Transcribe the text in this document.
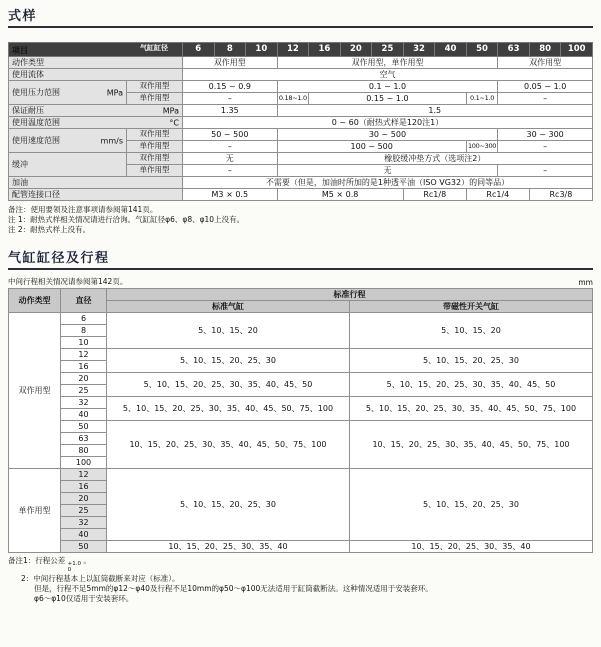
式样
气缸缸径
项目		6	8	10	12	16	20	25	32	40	50	63	80	100
动作类型		双作用型			双作用型，单作用型							双作用型		
使用流体		空气												
使用压力范围 MPa	双作用型	0.15 ~ 0.9			0.1 ~ 1.0							0.05 ~ 1.0		
	单作用型	–			0.18~1.0	0.15 ~ 1.0					0.1~1.0	–		
保证耐压 MPa		1.35			1.5									
使用温度范围 °C		0 ~ 60（耐热式样是120注1）												
使用速度范围 mm/s	双作用型	50 ~ 500			30 ~ 500							30 ~ 300		
	单作用型	–			100 ~ 500						100~300	–		
缓冲	双作用型	无			橡胶缓冲垫方式（选项注2）									
	单作用型	–			无							–		
加油		不需要（但是，加油时所加的是1种透平油（ISO VG32）的同等品）												
配管连接口径		M3 × 0.5			M5 × 0.8				Rc1/8		Rc1/4		Rc3/8	
备注：使用要领及注意事项请参阅第141页。
注 1：耐热式样相关情况请进行洽询。气缸缸径φ6、φ8、φ10上没有。
注 2：耐热式样上没有。
气缸缸径及行程
中间行程相关情况请参阅第142页。	mm
动作类型	直径	标准行程	
		标准气缸	带磁性开关气缸
双作用型	6	5、10、15、20	5、10、15、20
	8		
	10		
	12	5、10、15、20、25、30	5、10、15、20、25、30
	16		
	20	5、10、15、20、25、30、35、40、45、50	5、10、15、20、25、30、35、40、45、50
	25		
	32	5、10、15、20、25、30、35、40、45、50、75、100	5、10、15、20、25、30、35、40、45、50、75、100
	40		
	50	10、15、20、25、30、35、40、45、50、75、100	10、15、20、25、30、35、40、45、50、75、100
	63		
	80		
	100		
单作用型	12	5、10、15、20、25、30	5、10、15、20、25、30
	16		
	20		
	25		
	32		
	40		
	50	10、15、20、25、30、35、40	10、15、20、25、30、35、40
备注1：行程公差 +1.0
0
。
2：中间行程基本上以缸筒截断来对应（标准）。
但是，行程不足5mm的φ12～φ40及行程不足10mm的φ50～φ100无法适用于缸筒截断法。这种情况适用于安装套环。
φ6～φ10仅适用于安装套环。
